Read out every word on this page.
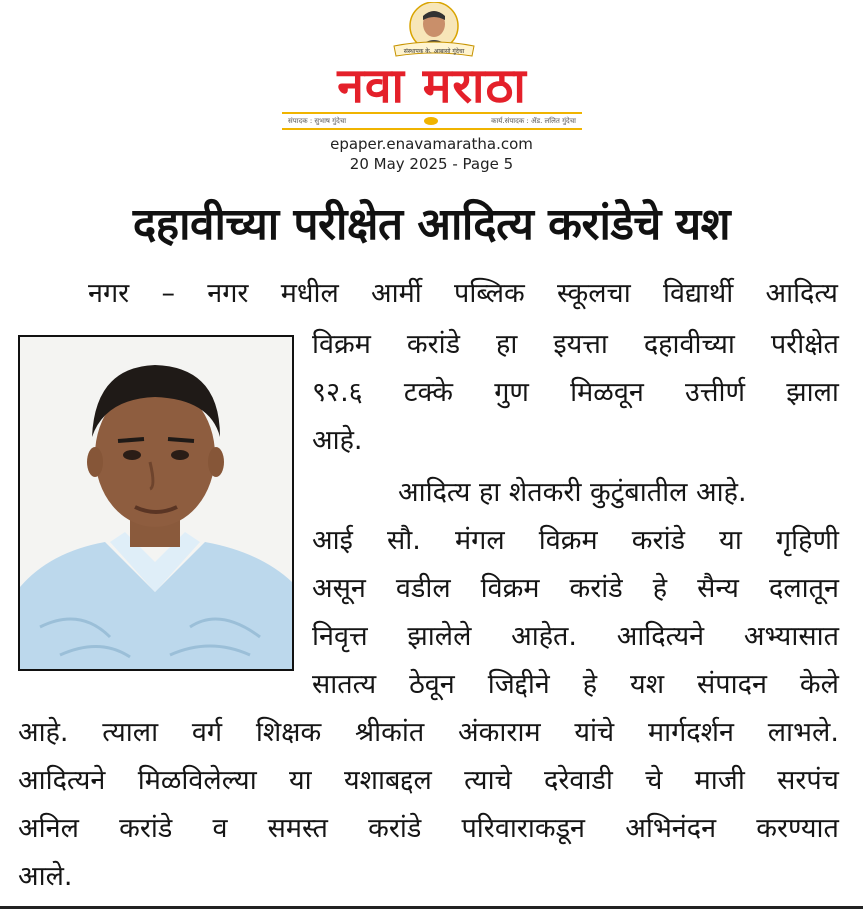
संस्थापक के. आबासो गुंदेचा
नवा मराठा
संपादक : सुभाष गुंदेचा	कार्य.संपादक : ॲड. ललित गुंदेचा
epaper.enavamaratha.com
20 May 2025 - Page 5
दहावीच्या परीक्षेत आदित्य करांडेचे यश
नगर – नगर मधील आर्मी पब्लिक स्कूलचा विद्यार्थी आदित्य
विक्रम करांडे हा इयत्ता दहावीच्या परीक्षेत
९२.६ टक्के गुण मिळवून उत्तीर्ण झाला
आहे.
आदित्य हा शेतकरी कुटुंबातील आहे.
आई सौ. मंगल विक्रम करांडे या गृहिणी
असून वडील विक्रम करांडे हे सैन्य दलातून
निवृत्त झालेले आहेत. आदित्यने अभ्यासात
सातत्य ठेवून जिद्दीने हे यश संपादन केले
आहे. त्याला वर्ग शिक्षक श्रीकांत अंकाराम यांचे मार्गदर्शन लाभले.
आदित्यने मिळविलेल्या या यशाबद्दल त्याचे दरेवाडी चे माजी सरपंच
अनिल करांडे व समस्त करांडे परिवाराकडून अभिनंदन करण्यात
आले.
